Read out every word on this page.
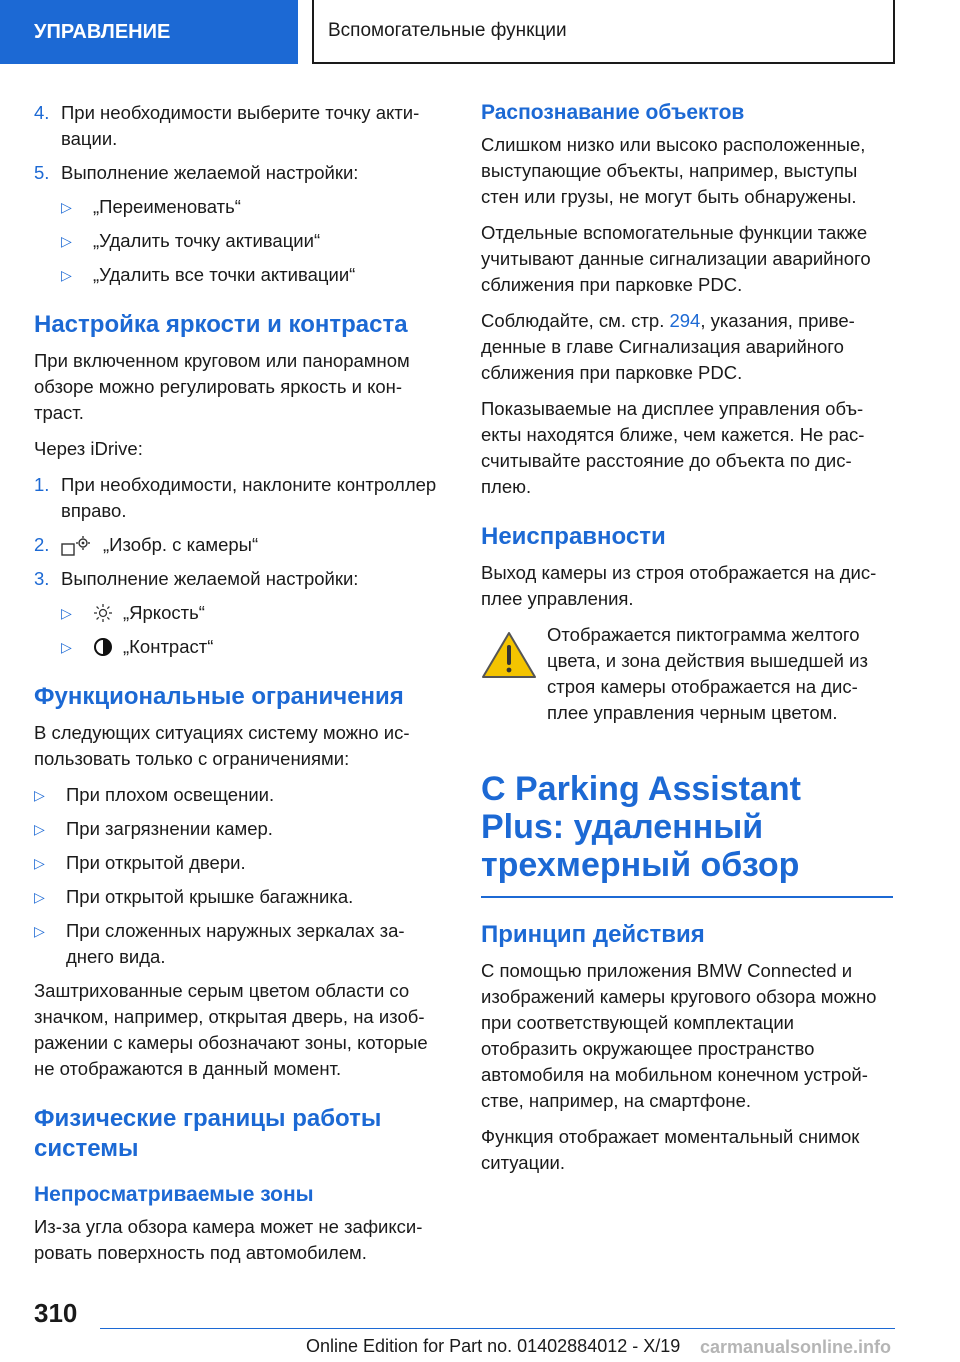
УПРАВЛЕНИЕ	Вспомогательные функции
4. При необходимости выберите точку акти-вации.
5. Выполнение желаемой настройки:
▷	„Переименовать“
▷	„Удалить точку активации“
▷	„Удалить все точки активации“
Настройка яркости и контраста

При включенном круговом или панорамном обзоре можно регулировать яркость и кон-траст.

Через iDrive:

1. При необходимости, наклоните контроллер вправо.
2.	„Изобр. с камеры“
3. Выполнение желаемой настройки:
▷	„Яркость“
▷	„Контраст“
Функциональные ограничения

В следующих ситуациях систему можно ис-пользовать только с ограничениями:

▷	При плохом освещении.
▷	При загрязнении камер.
▷	При открытой двери.
▷	При открытой крышке багажника.
▷	При сложенных наружных зеркалах за-днего вида.

Заштрихованные серым цветом области со значком, например, открытая дверь, на изоб-ражении с камеры обозначают зоны, которые не отображаются в данный момент.

Физические границы работы системы
Непросматриваемые зоны

Из-за угла обзора камера может не зафикси-ровать поверхность под автомобилем.

Распознавание объектов

Слишком низко или высоко расположенные, выступающие объекты, например, выступы стен или грузы, не могут быть обнаружены.

Отдельные вспомогательные функции также учитывают данные сигнализации аварийного сближения при парковке PDC.

Соблюдайте, см. стр. 294, указания, приве-денные в главе Сигнализация аварийного сближения при парковке PDC.

Показываемые на дисплее управления объ-екты находятся ближе, чем кажется. Не рас-считывайте расстояние до объекта по дис-плею.

Неисправности

Выход камеры из строя отображается на дис-плее управления.

Отображается пиктограмма желтого цвета, и зона действия вышедшей из строя камеры отображается на дис-плее управления черным цветом.

C Parking Assistant Plus: удаленный трехмерный обзор
Принцип действия

С помощью приложения BMW Connected и изображений камеры кругового обзора можно при соответствующей комплектации отобразить окружающее пространство автомобиля на мобильном конечном устрой-стве, например, на смартфоне.

Функция отображает моментальный снимок ситуации.

310
Online Edition for Part no. 01402884012 - X/19 carmanualsonline.info
